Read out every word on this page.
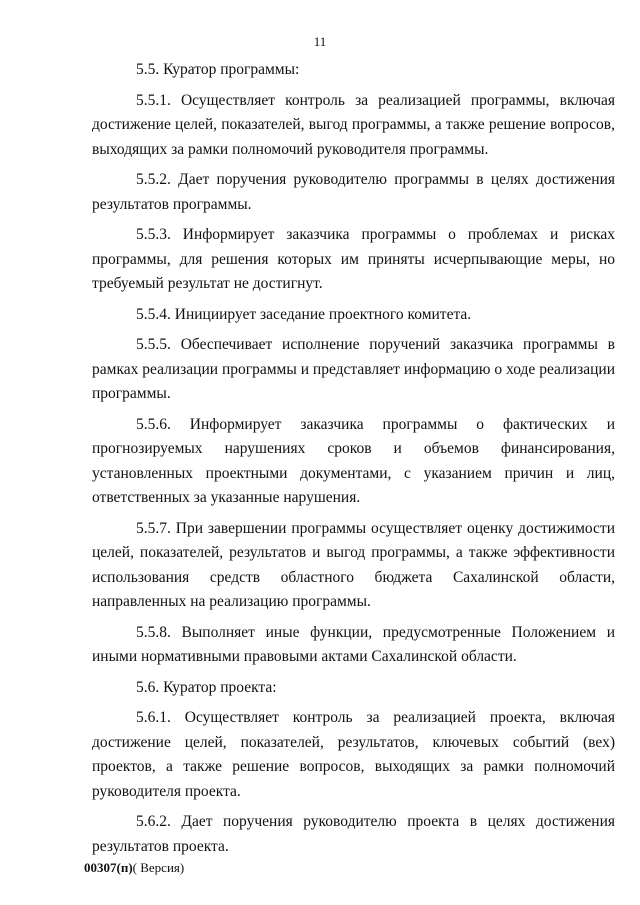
11

5.5. Куратор программы:

5.5.1. Осуществляет контроль за реализацией программы, включая достижение целей, показателей, выгод программы, а также решение вопросов, выходящих за рамки полномочий руководителя программы.

5.5.2. Дает поручения руководителю программы в целях достижения результатов программы.

5.5.3. Информирует заказчика программы о проблемах и рисках программы, для решения которых им приняты исчерпывающие меры, но требуемый результат не достигнут.

5.5.4. Инициирует заседание проектного комитета.

5.5.5. Обеспечивает исполнение поручений заказчика программы в рамках реализации программы и представляет информацию о ходе реализации программы.

5.5.6. Информирует заказчика программы о фактических и прогнозируемых нарушениях сроков и объемов финансирования, установленных проектными документами, с указанием причин и лиц, ответственных за указанные нарушения.

5.5.7. При завершении программы осуществляет оценку достижимости целей, показателей, результатов и выгод программы, а также эффективности использования средств областного бюджета Сахалинской области, направленных на реализацию программы.

5.5.8. Выполняет иные функции, предусмотренные Положением и иными нормативными правовыми актами Сахалинской области.

5.6. Куратор проекта:

5.6.1. Осуществляет контроль за реализацией проекта, включая достижение целей, показателей, результатов, ключевых событий (вех) проектов, а также решение вопросов, выходящих за рамки полномочий руководителя проекта.

5.6.2. Дает поручения руководителю проекта в целях достижения результатов проекта.

00307(п)( Версия)
